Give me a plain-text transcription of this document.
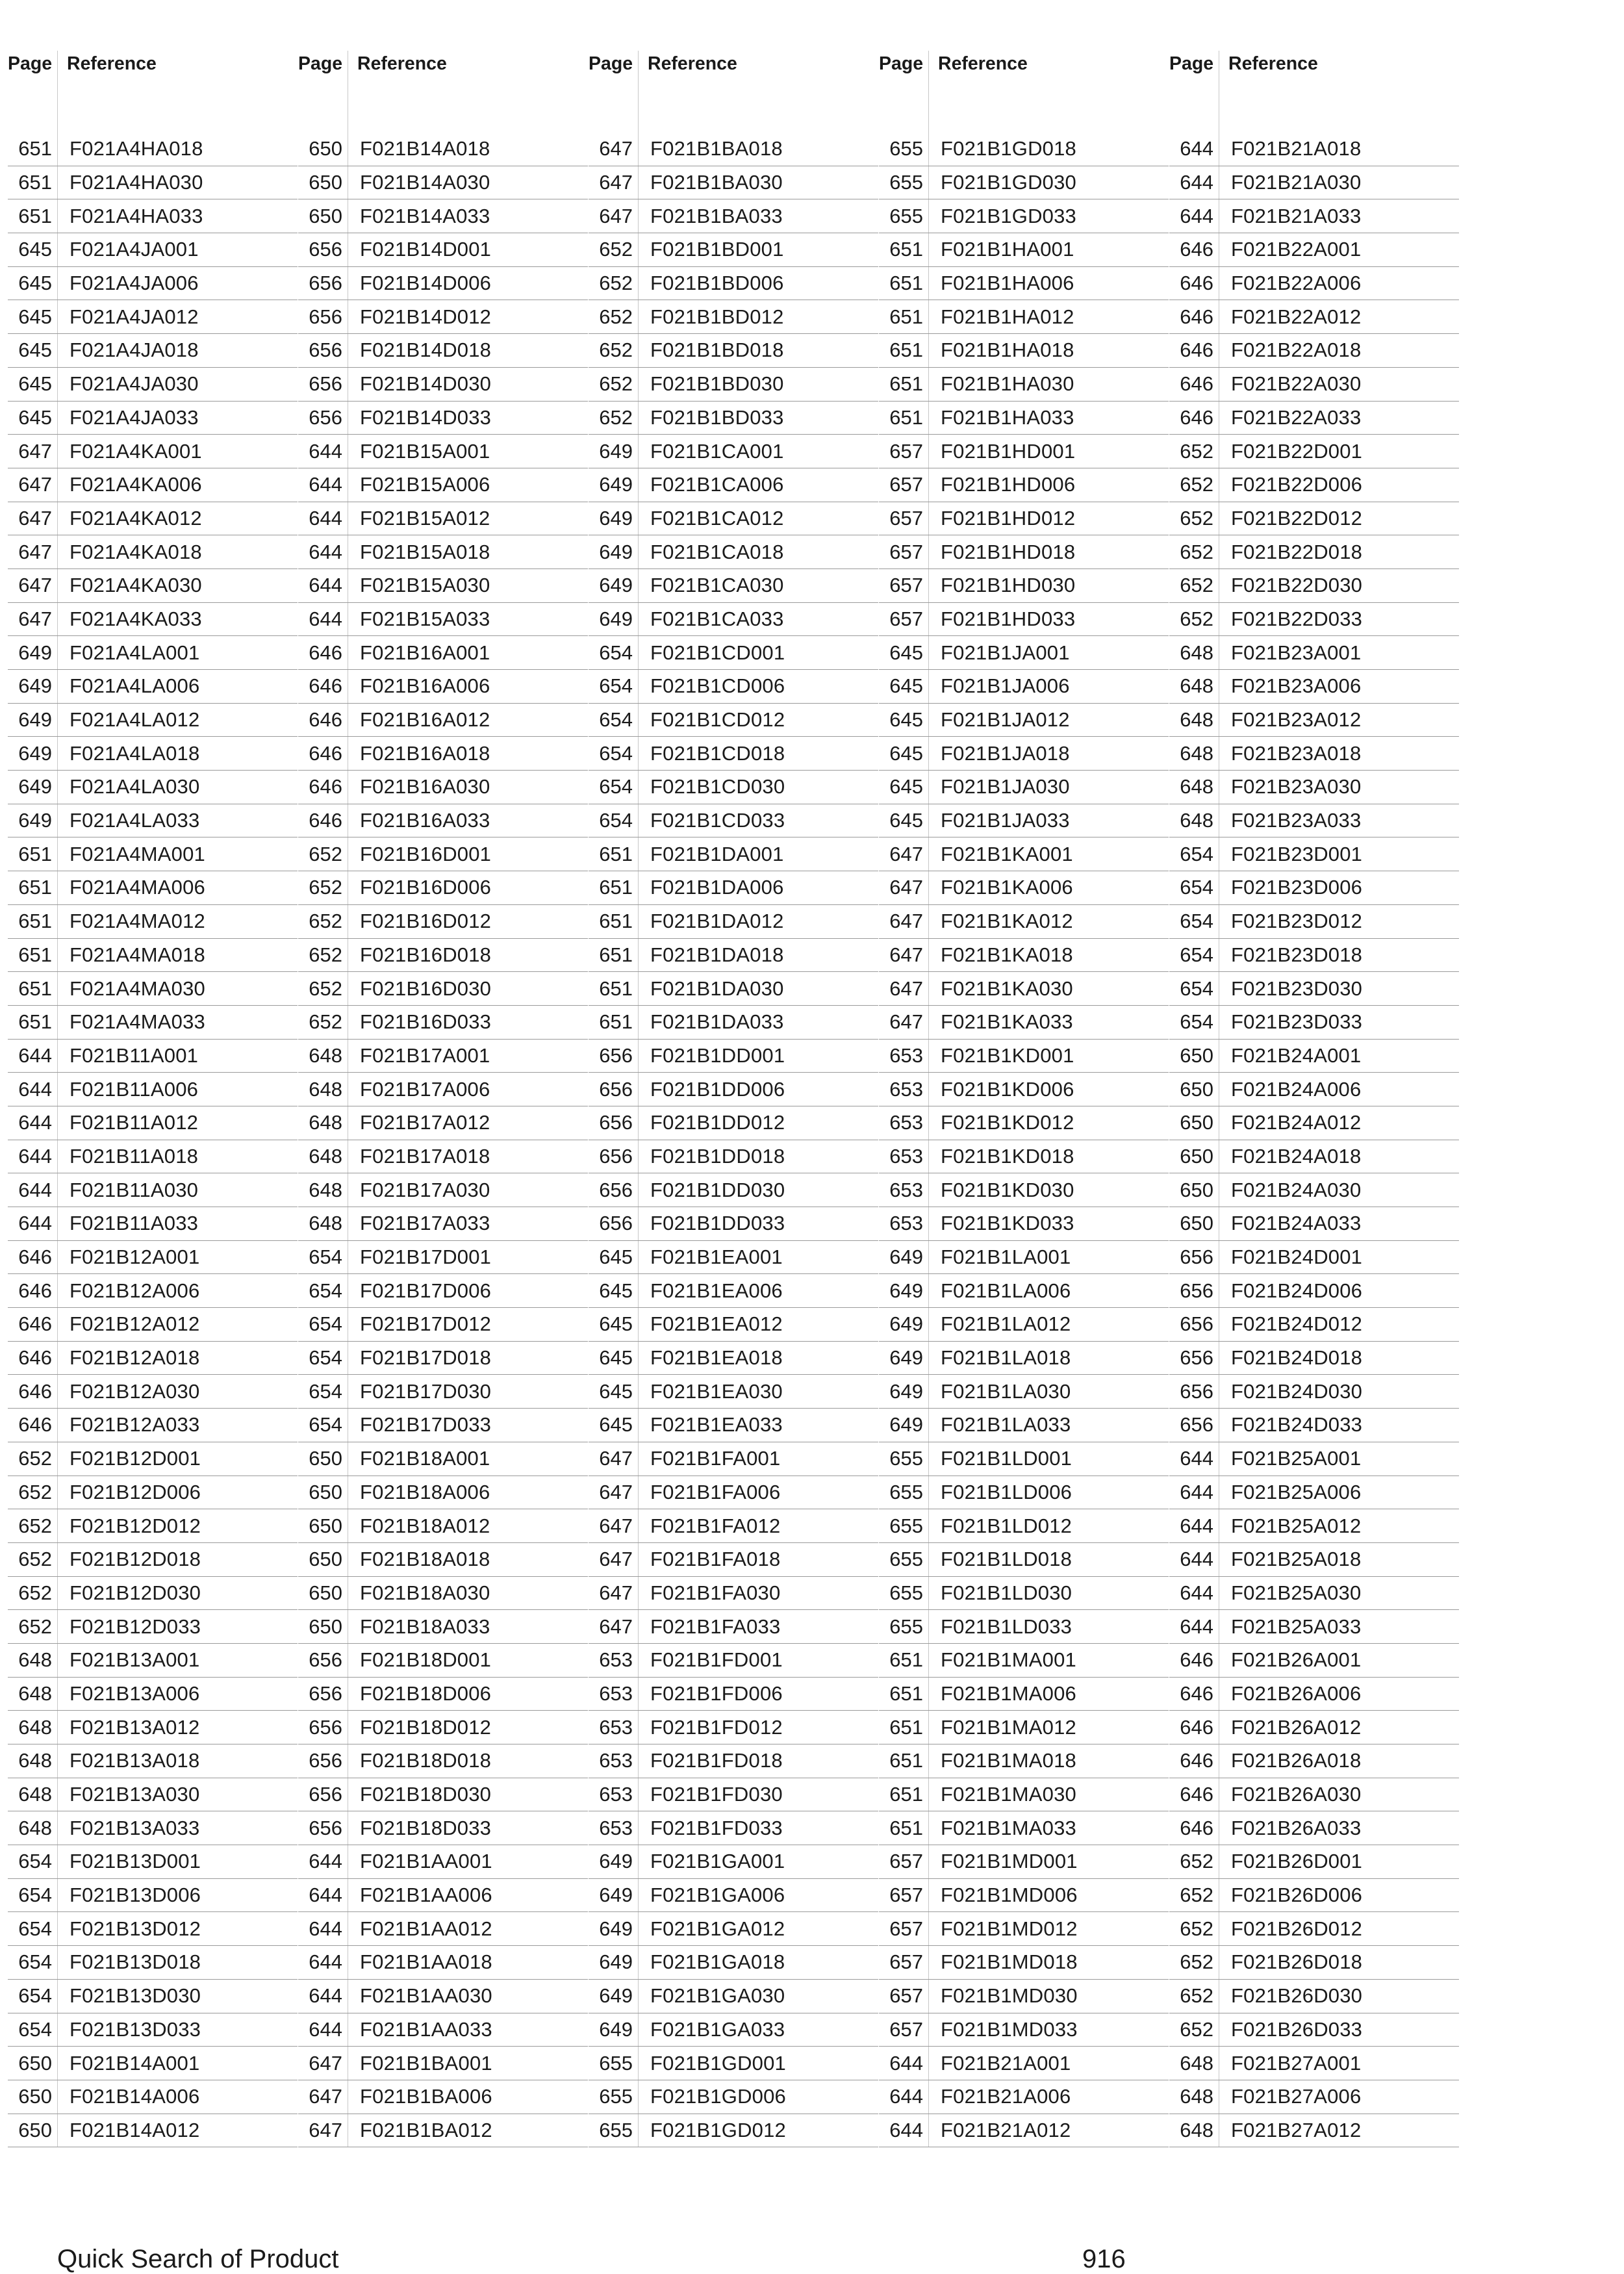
Page Reference
651 F021A4HA018
651 F021A4HA030
651 F021A4HA033
645 F021A4JA001
645 F021A4JA006
645 F021A4JA012
645 F021A4JA018
645 F021A4JA030
645 F021A4JA033
647 F021A4KA001
647 F021A4KA006
647 F021A4KA012
647 F021A4KA018
647 F021A4KA030
647 F021A4KA033
649 F021A4LA001
649 F021A4LA006
649 F021A4LA012
649 F021A4LA018
649 F021A4LA030
649 F021A4LA033
651 F021A4MA001
651 F021A4MA006
651 F021A4MA012
651 F021A4MA018
651 F021A4MA030
651 F021A4MA033
644 F021B11A001
644 F021B11A006
644 F021B11A012
644 F021B11A018
644 F021B11A030
644 F021B11A033
646 F021B12A001
646 F021B12A006
646 F021B12A012
646 F021B12A018
646 F021B12A030
646 F021B12A033
652 F021B12D001
652 F021B12D006
652 F021B12D012
652 F021B12D018
652 F021B12D030
652 F021B12D033
648 F021B13A001
648 F021B13A006
648 F021B13A012
648 F021B13A018
648 F021B13A030
648 F021B13A033
654 F021B13D001
654 F021B13D006
654 F021B13D012
654 F021B13D018
654 F021B13D030
654 F021B13D033
650 F021B14A001
650 F021B14A006
650 F021B14A012
Page Reference
650 F021B14A018
650 F021B14A030
650 F021B14A033
656 F021B14D001
656 F021B14D006
656 F021B14D012
656 F021B14D018
656 F021B14D030
656 F021B14D033
644 F021B15A001
644 F021B15A006
644 F021B15A012
644 F021B15A018
644 F021B15A030
644 F021B15A033
646 F021B16A001
646 F021B16A006
646 F021B16A012
646 F021B16A018
646 F021B16A030
646 F021B16A033
652 F021B16D001
652 F021B16D006
652 F021B16D012
652 F021B16D018
652 F021B16D030
652 F021B16D033
648 F021B17A001
648 F021B17A006
648 F021B17A012
648 F021B17A018
648 F021B17A030
648 F021B17A033
654 F021B17D001
654 F021B17D006
654 F021B17D012
654 F021B17D018
654 F021B17D030
654 F021B17D033
650 F021B18A001
650 F021B18A006
650 F021B18A012
650 F021B18A018
650 F021B18A030
650 F021B18A033
656 F021B18D001
656 F021B18D006
656 F021B18D012
656 F021B18D018
656 F021B18D030
656 F021B18D033
644 F021B1AA001
644 F021B1AA006
644 F021B1AA012
644 F021B1AA018
644 F021B1AA030
644 F021B1AA033
647 F021B1BA001
647 F021B1BA006
647 F021B1BA012
Page Reference
647 F021B1BA018
647 F021B1BA030
647 F021B1BA033
652 F021B1BD001
652 F021B1BD006
652 F021B1BD012
652 F021B1BD018
652 F021B1BD030
652 F021B1BD033
649 F021B1CA001
649 F021B1CA006
649 F021B1CA012
649 F021B1CA018
649 F021B1CA030
649 F021B1CA033
654 F021B1CD001
654 F021B1CD006
654 F021B1CD012
654 F021B1CD018
654 F021B1CD030
654 F021B1CD033
651 F021B1DA001
651 F021B1DA006
651 F021B1DA012
651 F021B1DA018
651 F021B1DA030
651 F021B1DA033
656 F021B1DD001
656 F021B1DD006
656 F021B1DD012
656 F021B1DD018
656 F021B1DD030
656 F021B1DD033
645 F021B1EA001
645 F021B1EA006
645 F021B1EA012
645 F021B1EA018
645 F021B1EA030
645 F021B1EA033
647 F021B1FA001
647 F021B1FA006
647 F021B1FA012
647 F021B1FA018
647 F021B1FA030
647 F021B1FA033
653 F021B1FD001
653 F021B1FD006
653 F021B1FD012
653 F021B1FD018
653 F021B1FD030
653 F021B1FD033
649 F021B1GA001
649 F021B1GA006
649 F021B1GA012
649 F021B1GA018
649 F021B1GA030
649 F021B1GA033
655 F021B1GD001
655 F021B1GD006
655 F021B1GD012
Page Reference
655 F021B1GD018
655 F021B1GD030
655 F021B1GD033
651 F021B1HA001
651 F021B1HA006
651 F021B1HA012
651 F021B1HA018
651 F021B1HA030
651 F021B1HA033
657 F021B1HD001
657 F021B1HD006
657 F021B1HD012
657 F021B1HD018
657 F021B1HD030
657 F021B1HD033
645 F021B1JA001
645 F021B1JA006
645 F021B1JA012
645 F021B1JA018
645 F021B1JA030
645 F021B1JA033
647 F021B1KA001
647 F021B1KA006
647 F021B1KA012
647 F021B1KA018
647 F021B1KA030
647 F021B1KA033
653 F021B1KD001
653 F021B1KD006
653 F021B1KD012
653 F021B1KD018
653 F021B1KD030
653 F021B1KD033
649 F021B1LA001
649 F021B1LA006
649 F021B1LA012
649 F021B1LA018
649 F021B1LA030
649 F021B1LA033
655 F021B1LD001
655 F021B1LD006
655 F021B1LD012
655 F021B1LD018
655 F021B1LD030
655 F021B1LD033
651 F021B1MA001
651 F021B1MA006
651 F021B1MA012
651 F021B1MA018
651 F021B1MA030
651 F021B1MA033
657 F021B1MD001
657 F021B1MD006
657 F021B1MD012
657 F021B1MD018
657 F021B1MD030
657 F021B1MD033
644 F021B21A001
644 F021B21A006
644 F021B21A012
Page Reference
644 F021B21A018
644 F021B21A030
644 F021B21A033
646 F021B22A001
646 F021B22A006
646 F021B22A012
646 F021B22A018
646 F021B22A030
646 F021B22A033
652 F021B22D001
652 F021B22D006
652 F021B22D012
652 F021B22D018
652 F021B22D030
652 F021B22D033
648 F021B23A001
648 F021B23A006
648 F021B23A012
648 F021B23A018
648 F021B23A030
648 F021B23A033
654 F021B23D001
654 F021B23D006
654 F021B23D012
654 F021B23D018
654 F021B23D030
654 F021B23D033
650 F021B24A001
650 F021B24A006
650 F021B24A012
650 F021B24A018
650 F021B24A030
650 F021B24A033
656 F021B24D001
656 F021B24D006
656 F021B24D012
656 F021B24D018
656 F021B24D030
656 F021B24D033
644 F021B25A001
644 F021B25A006
644 F021B25A012
644 F021B25A018
644 F021B25A030
644 F021B25A033
646 F021B26A001
646 F021B26A006
646 F021B26A012
646 F021B26A018
646 F021B26A030
646 F021B26A033
652 F021B26D001
652 F021B26D006
652 F021B26D012
652 F021B26D018
652 F021B26D030
652 F021B26D033
648 F021B27A001
648 F021B27A006
648 F021B27A012
Quick Search of Product	916
